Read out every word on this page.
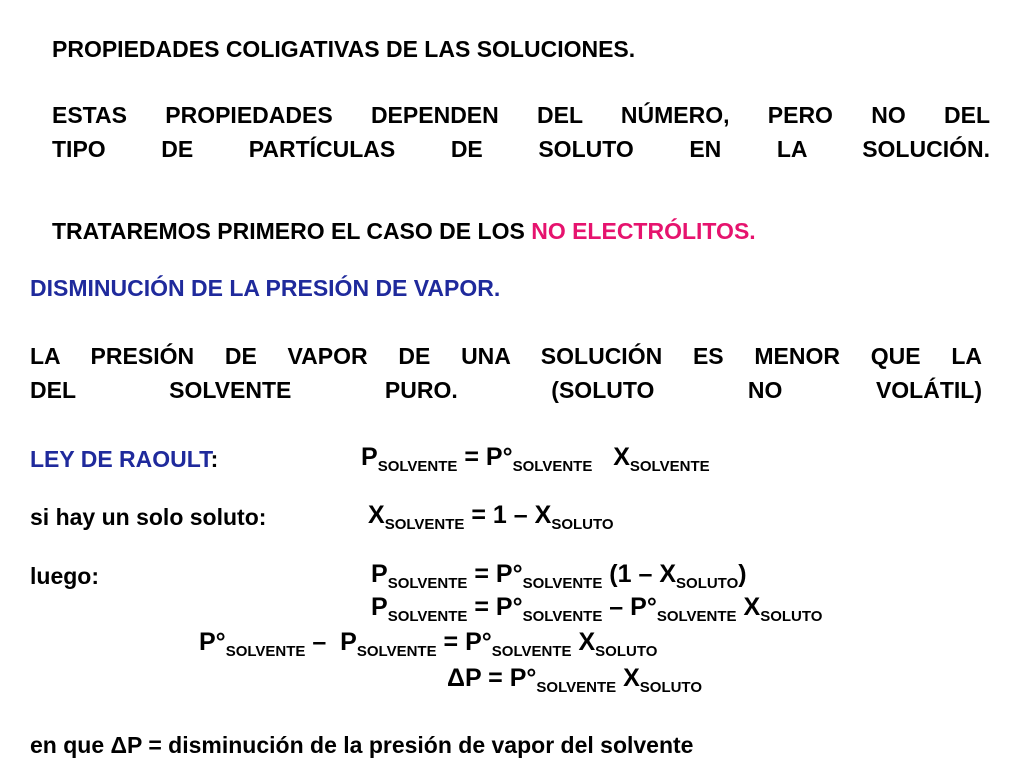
PROPIEDADES COLIGATIVAS DE LAS SOLUCIONES.
ESTAS PROPIEDADES DEPENDEN DEL NÚMERO, PERO NO DEL
TIPO DE PARTÍCULAS DE SOLUTO EN LA SOLUCIÓN.
TRATAREMOS PRIMERO EL CASO DE LOS NO ELECTRÓLITOS.
DISMINUCIÓN DE LA PRESIÓN DE VAPOR.
LA PRESIÓN DE VAPOR DE UNA SOLUCIÓN ES MENOR QUE LA
DEL SOLVENTE PURO. (SOLUTO NO VOLÁTIL)
LEY DE RAOULT:	$P_{SOLVENTE} = P^\circ_{SOLVENTE}$ $X_{SOLVENTE}$
si hay un solo soluto:	$X_{SOLVENTE} = 1 - X_{SOLUTO}$
luego:	$P_{SOLVENTE} = P^\circ_{SOLVENTE}$ $(1 - X_{SOLUTO})$
$P_{SOLVENTE} = P^\circ_{SOLVENTE} - P^\circ_{SOLVENTE}$ $X_{SOLUTO}$
$P^\circ_{SOLVENTE} - P_{SOLVENTE} = P^\circ_{SOLVENTE}$ $X_{SOLUTO}$
$\Delta P = P^\circ_{SOLVENTE}$ $X_{SOLUTO}$
en que ΔP = disminución de la presión de vapor del solvente
